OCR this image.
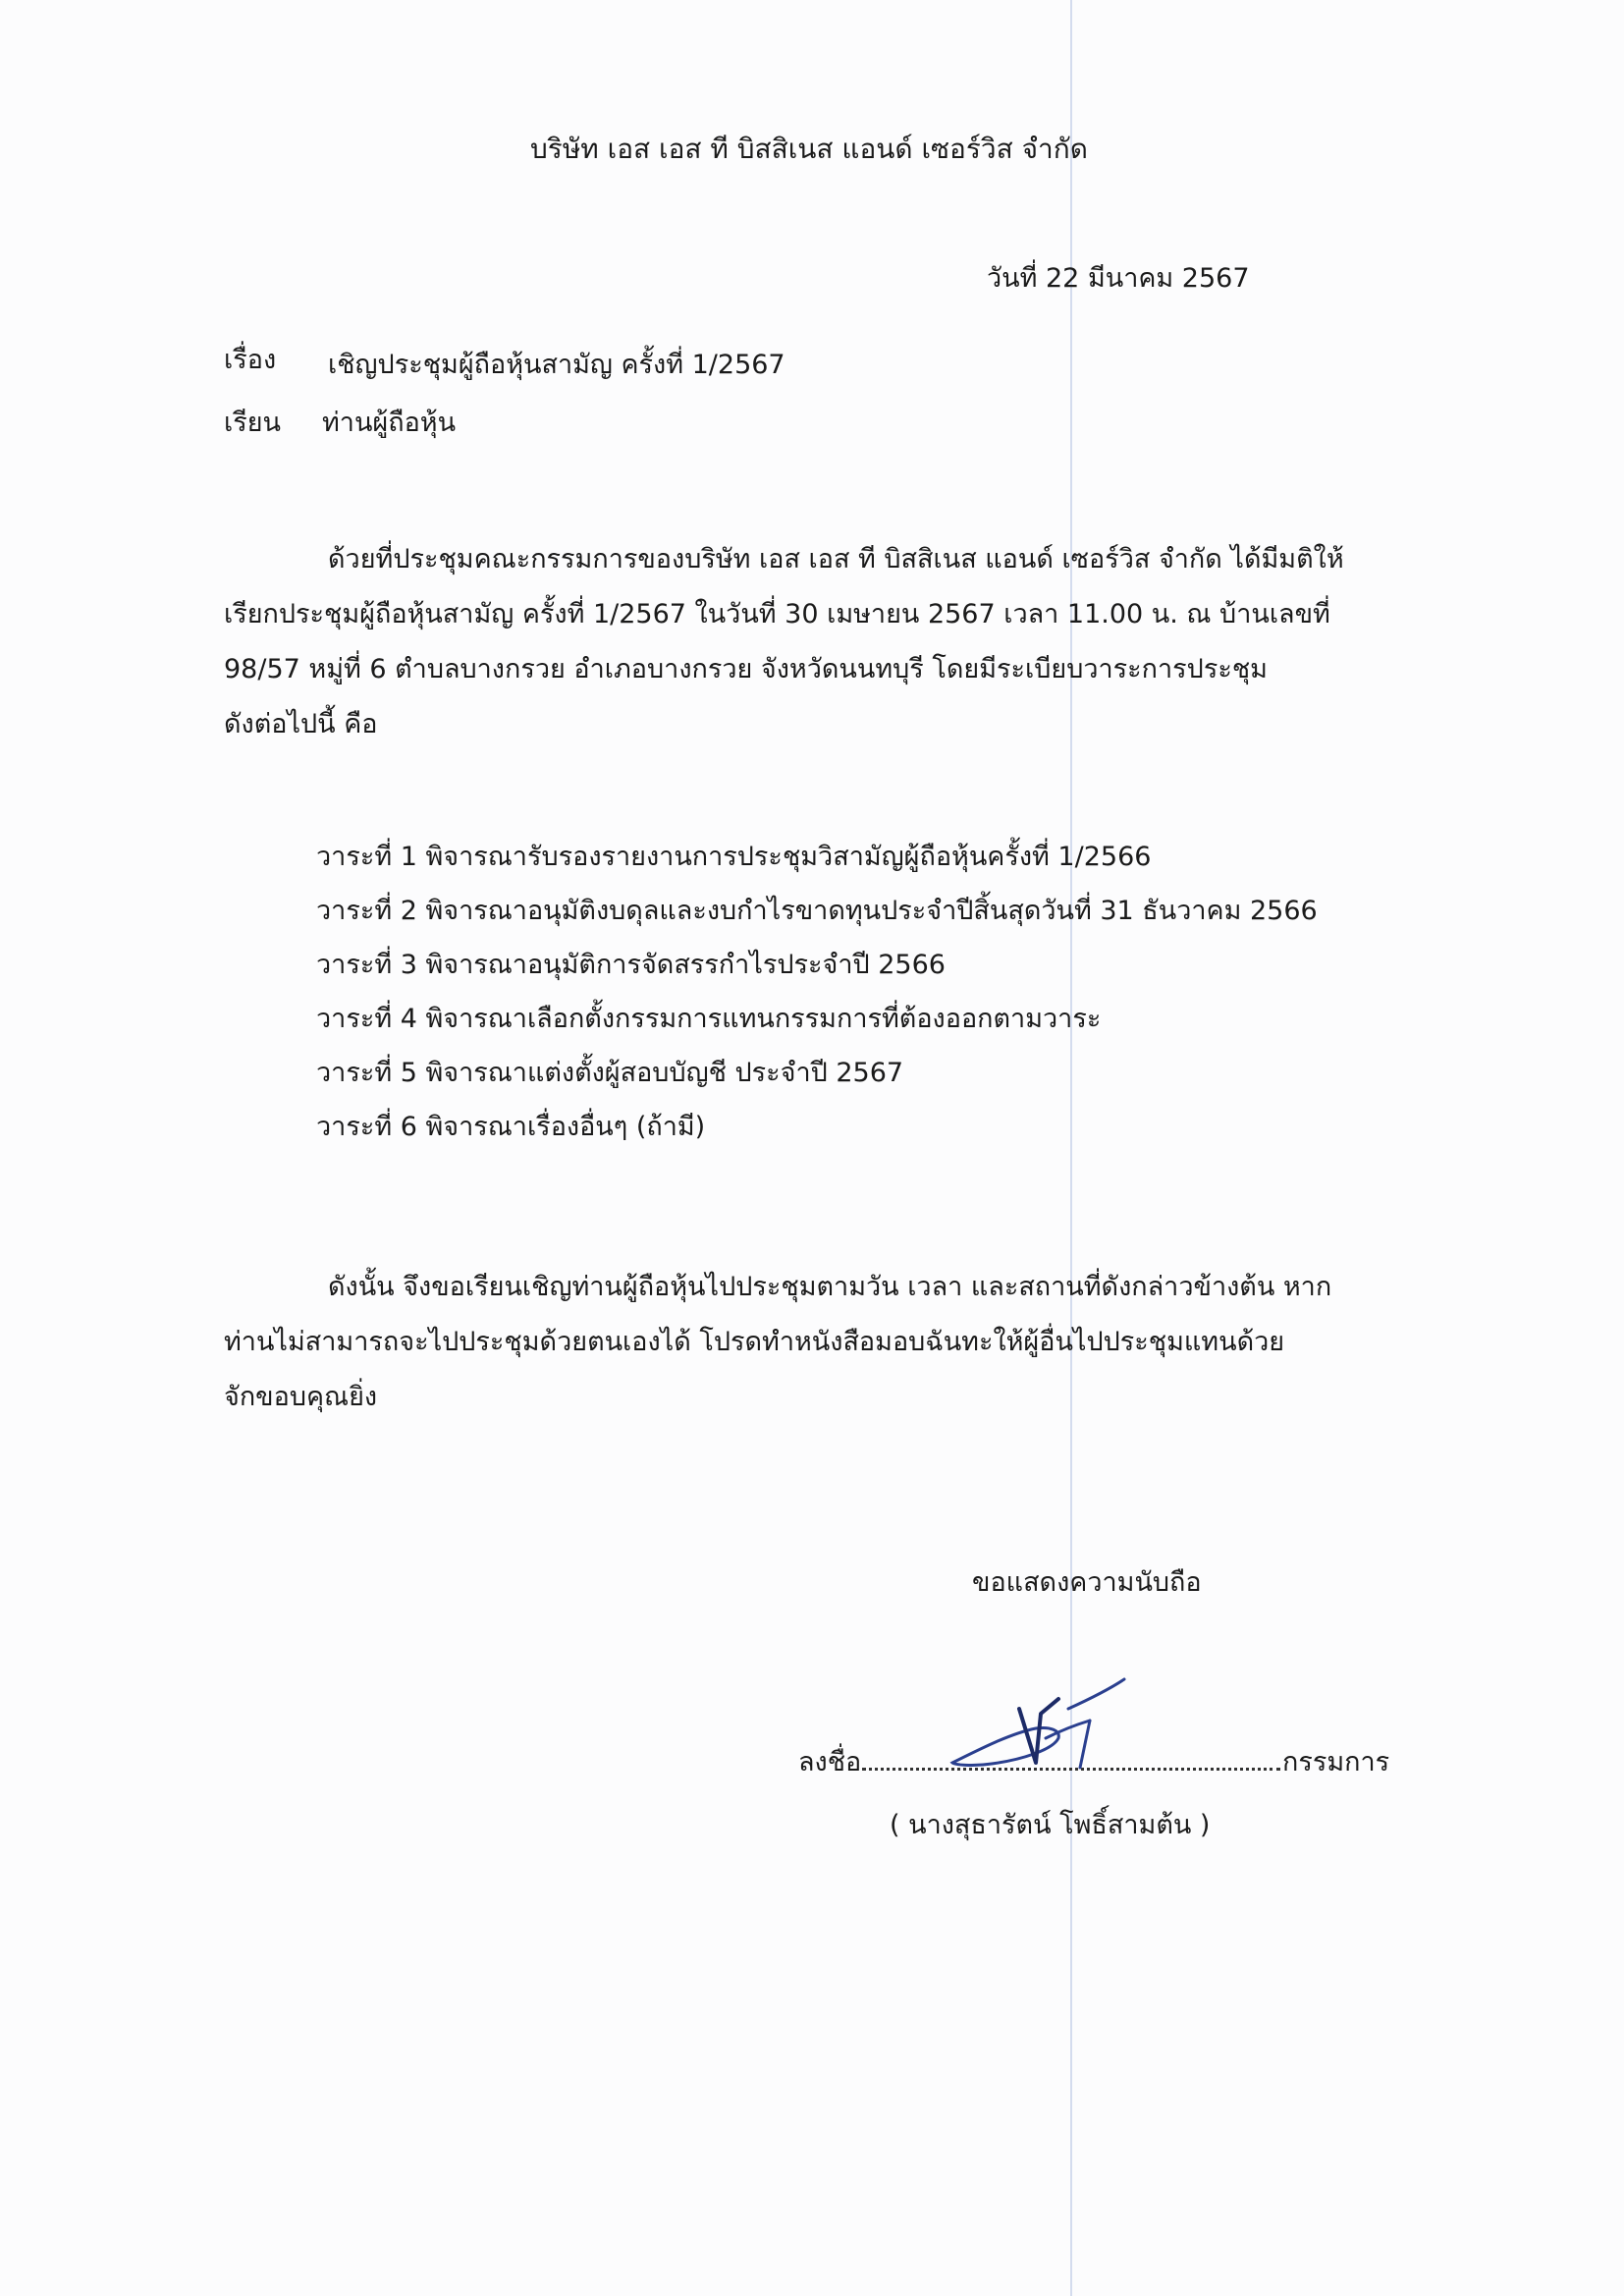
บริษัท เอส เอส ที บิสสิเนส แอนด์ เซอร์วิส จำกัด
วันที่ 22 มีนาคม 2567
เรื่อง เชิญประชุมผู้ถือหุ้นสามัญ ครั้งที่ 1/2567
เรียน ท่านผู้ถือหุ้น
ด้วยที่ประชุมคณะกรรมการของบริษัท เอส เอส ที บิสสิเนส แอนด์ เซอร์วิส จำกัด ได้มีมติให้
เรียกประชุมผู้ถือหุ้นสามัญ ครั้งที่ 1/2567 ในวันที่ 30 เมษายน 2567 เวลา 11.00 น. ณ บ้านเลขที่
98/57 หมู่ที่ 6 ตำบลบางกรวย อำเภอบางกรวย จังหวัดนนทบุรี โดยมีระเบียบวาระการประชุม
ดังต่อไปนี้ คือ
วาระที่ 1 พิจารณารับรองรายงานการประชุมวิสามัญผู้ถือหุ้นครั้งที่ 1/2566
วาระที่ 2 พิจารณาอนุมัติงบดุลและงบกำไรขาดทุนประจำปีสิ้นสุดวันที่ 31 ธันวาคม 2566
วาระที่ 3 พิจารณาอนุมัติการจัดสรรกำไรประจำปี 2566
วาระที่ 4 พิจารณาเลือกตั้งกรรมการแทนกรรมการที่ต้องออกตามวาระ
วาระที่ 5 พิจารณาแต่งตั้งผู้สอบบัญชี ประจำปี 2567
วาระที่ 6 พิจารณาเรื่องอื่นๆ (ถ้ามี)
ดังนั้น จึงขอเรียนเชิญท่านผู้ถือหุ้นไปประชุมตามวัน เวลา และสถานที่ดังกล่าวข้างต้น หาก
ท่านไม่สามารถจะไปประชุมด้วยตนเองได้ โปรดทำหนังสือมอบฉันทะให้ผู้อื่นไปประชุมแทนด้วย
จักขอบคุณยิ่ง
ขอแสดงความนับถือ
ลงชื่อ	กรรมการ
( นางสุธารัตน์ โพธิ์สามต้น )
